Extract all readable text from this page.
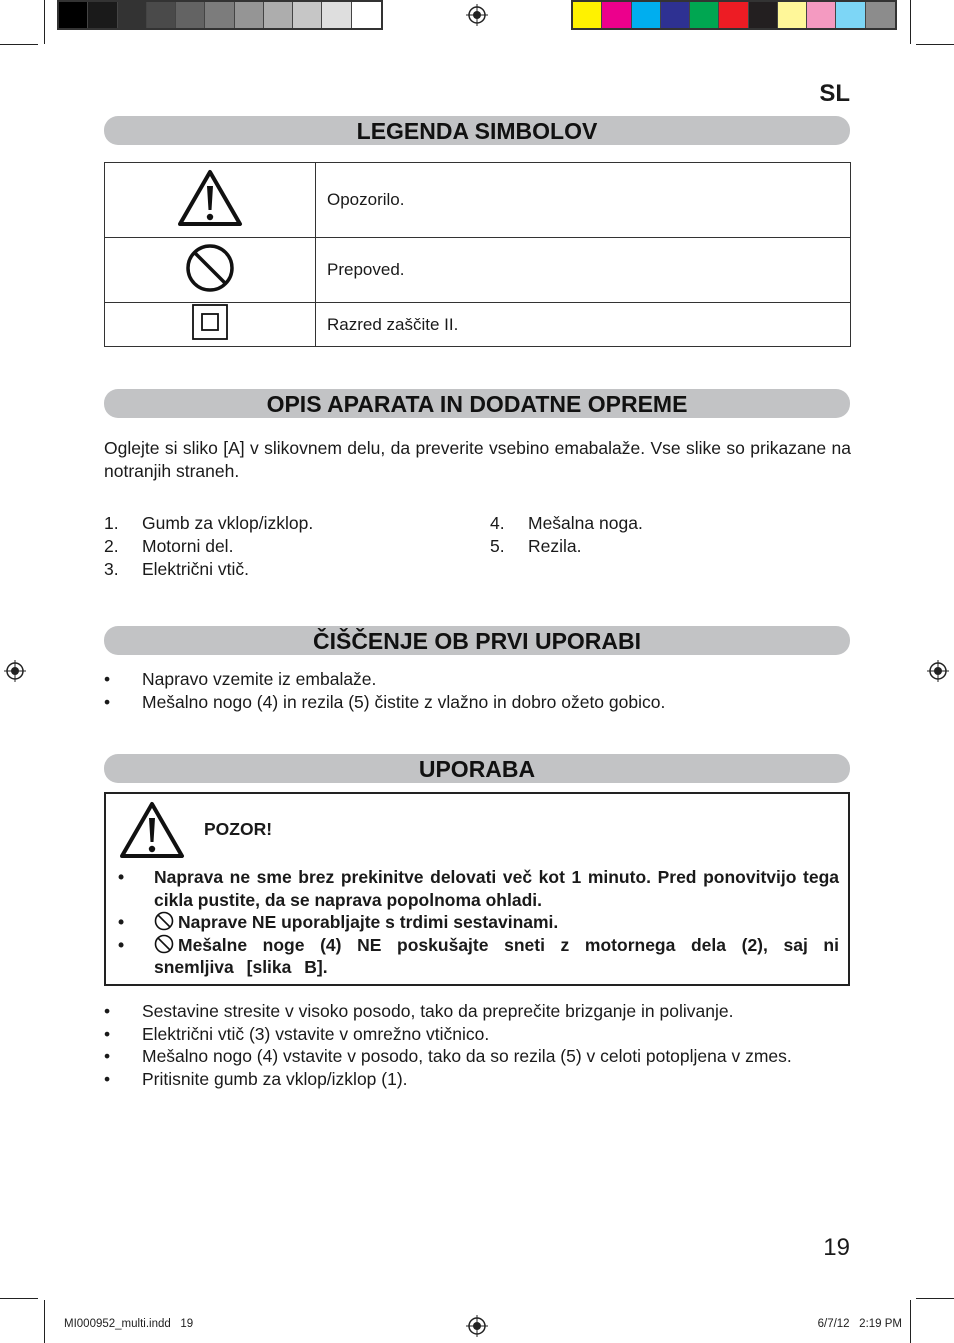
SL
LEGENDA SIMBOLOV
	Opozorilo.
	Prepoved.
	Razred zaščite II.
OPIS APARATA IN DODATNE OPREME

Oglejte si sliko [A] v slikovnem delu, da preverite vsebino emabalaže. Vse slike so prikazane na notranjih straneh.

1. Gumb za vklop/izklop.
2. Motorni del.
3. Električni vtič.
4. Mešalna noga.
5. Rezila.
ČIŠČENJE OB PRVI UPORABI
• Napravo vzemite iz embalaže.
• Mešalno nogo (4) in rezila (5) čistite z vlažno in dobro ožeto gobico.
UPORABA
POZOR!
• Naprava ne sme brez prekinitve delovati več kot 1 minuto. Pred ponovitvijo tega cikla pustite, da se naprava popolnoma ohladi.
•	Naprave NE uporabljajte s trdimi sestavinami.
•	Mešalne noge (4) NE poskušajte sneti z motornega dela (2), saj ni snemljiva [slika B].
• Sestavine stresite v visoko posodo, tako da preprečite brizganje in polivanje.
• Električni vtič (3) vstavite v omrežno vtičnico.
• Mešalno nogo (4) vstavite v posodo, tako da so rezila (5) v celoti potopljena v zmes.
• Pritisnite gumb za vklop/izklop (1).
19
MI000952_multi.indd   19	6/7/12   2:19 PM
